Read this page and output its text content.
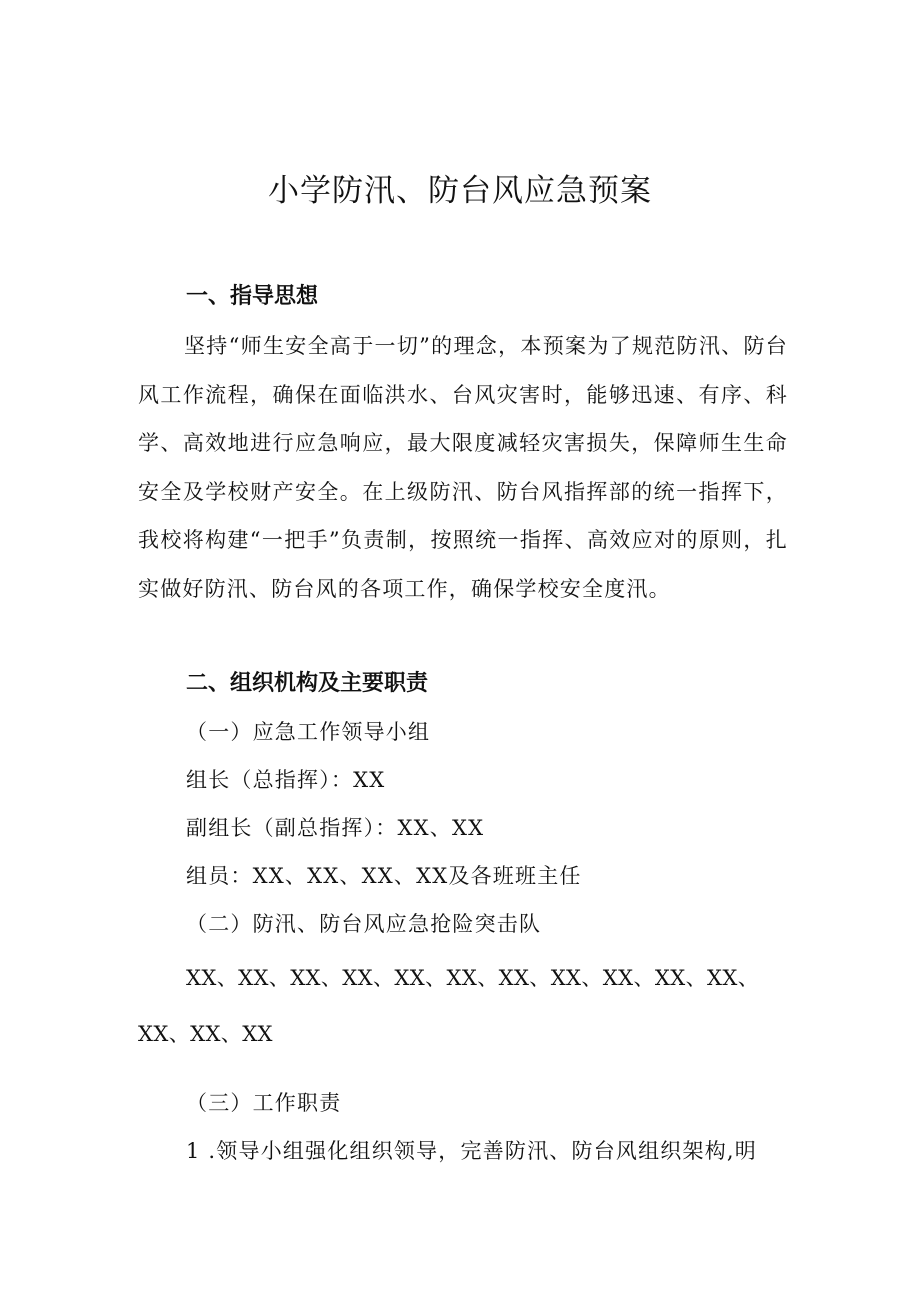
小学防汛、防台风应急预案
一、指导思想

坚持“师生安全高于一切”的理念，本预案为了规范防汛、防台风工作流程，确保在面临洪水、台风灾害时，能够迅速、有序、科学、高效地进行应急响应，最大限度减轻灾害损失，保障师生生命安全及学校财产安全。在上级防汛、防台风指挥部的统一指挥下，我校将构建“一把手”负责制，按照统一指挥、高效应对的原则，扎实做好防汛、防台风的各项工作，确保学校安全度汛。

二、组织机构及主要职责

（一）应急工作领导小组

组长（总指挥）：XX

副组长（副总指挥）：XX、XX

组员：XX、XX、XX、XX及各班班主任

（二）防汛、防台风应急抢险突击队

XX、XX、XX、XX、XX、XX、XX、XX、XX、XX、XX、XX、XX、XX

（三）工作职责

1 .领导小组强化组织领导，完善防汛、防台风组织架构,明
